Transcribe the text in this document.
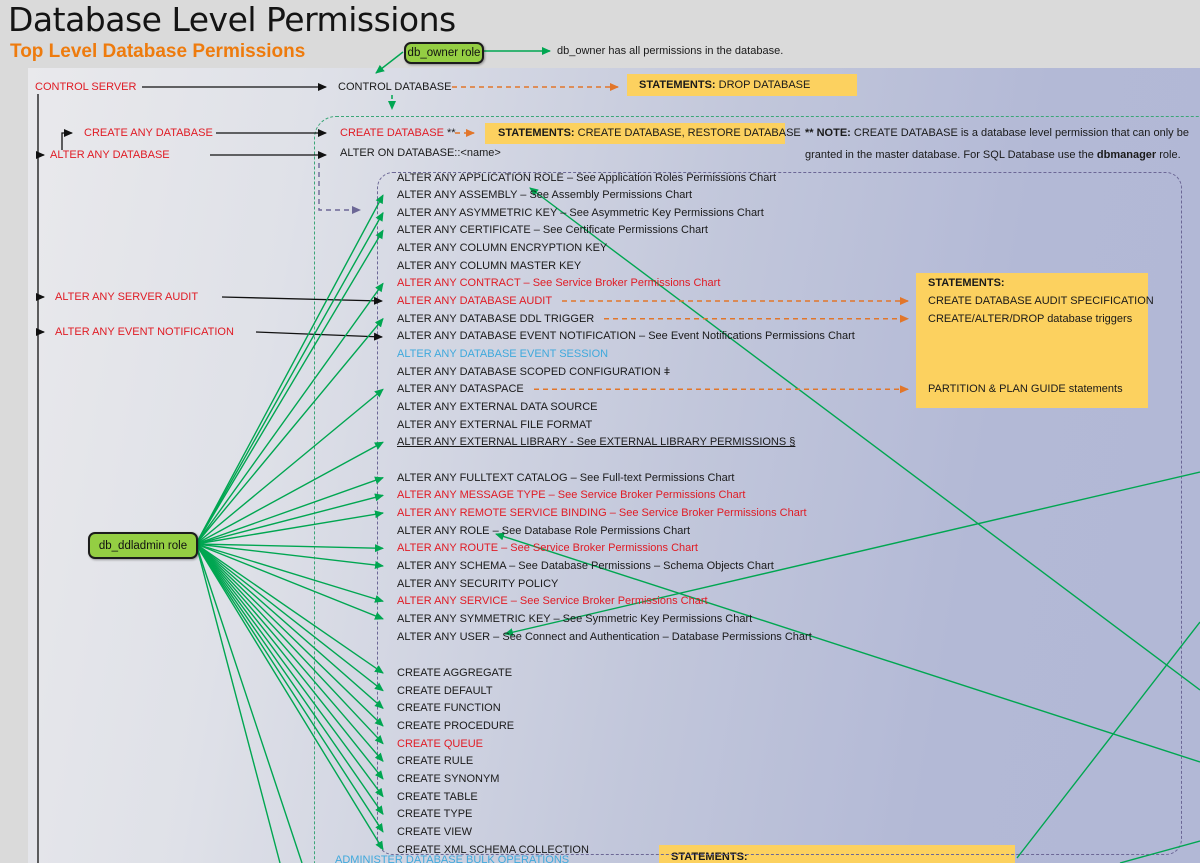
Database Level Permissions
Top Level Database Permissions
STATEMENTS: DROP DATABASE
STATEMENTS: CREATE DATABASE, RESTORE DATABASE
STATEMENTS:
CREATE DATABASE AUDIT SPECIFICATION
CREATE/ALTER/DROP database triggers
PARTITION & PLAN GUIDE statements
STATEMENTS:
CONTROL SERVER
CREATE ANY DATABASE
ALTER ANY DATABASE
ALTER ANY SERVER AUDIT
ALTER ANY EVENT NOTIFICATION
CONTROL DATABASE
CREATE DATABASE **
ALTER ON DATABASE::<name>
db_owner has all permissions in the database.
** NOTE: CREATE DATABASE is a database level permission that can only be
granted in the master database. For SQL Database use the dbmanager role.
ALTER ANY APPLICATION ROLE – See Application Roles Permissions Chart
ALTER ANY ASSEMBLY – See Assembly Permissions Chart
ALTER ANY ASYMMETRIC KEY – See Asymmetric Key Permissions Chart
ALTER ANY CERTIFICATE – See Certificate Permissions Chart
ALTER ANY COLUMN ENCRYPTION KEY
ALTER ANY COLUMN MASTER KEY
ALTER ANY CONTRACT – See Service Broker Permissions Chart
ALTER ANY DATABASE AUDIT
ALTER ANY DATABASE DDL TRIGGER
ALTER ANY DATABASE EVENT NOTIFICATION – See Event Notifications Permissions Chart
ALTER ANY DATABASE EVENT SESSION
ALTER ANY DATABASE SCOPED CONFIGURATION ǂ
ALTER ANY DATASPACE
ALTER ANY EXTERNAL DATA SOURCE
ALTER ANY EXTERNAL FILE FORMAT
ALTER ANY EXTERNAL LIBRARY - See EXTERNAL LIBRARY PERMISSIONS §
ALTER ANY FULLTEXT CATALOG – See Full-text Permissions Chart
ALTER ANY MESSAGE TYPE – See Service Broker Permissions Chart
ALTER ANY REMOTE SERVICE BINDING – See Service Broker Permissions Chart
ALTER ANY ROLE – See Database Role Permissions Chart
ALTER ANY ROUTE – See Service Broker Permissions Chart
ALTER ANY SCHEMA – See Database Permissions – Schema Objects Chart
ALTER ANY SECURITY POLICY
ALTER ANY SERVICE – See Service Broker Permissions Chart
ALTER ANY SYMMETRIC KEY – See Symmetric Key Permissions Chart
ALTER ANY USER – See Connect and Authentication – Database Permissions Chart
CREATE AGGREGATE
CREATE DEFAULT
CREATE FUNCTION
CREATE PROCEDURE
CREATE QUEUE
CREATE RULE
CREATE SYNONYM
CREATE TABLE
CREATE TYPE
CREATE VIEW
CREATE XML SCHEMA COLLECTION
ADMINISTER DATABASE BULK OPERATIONS
db_owner role
db_ddladmin role
